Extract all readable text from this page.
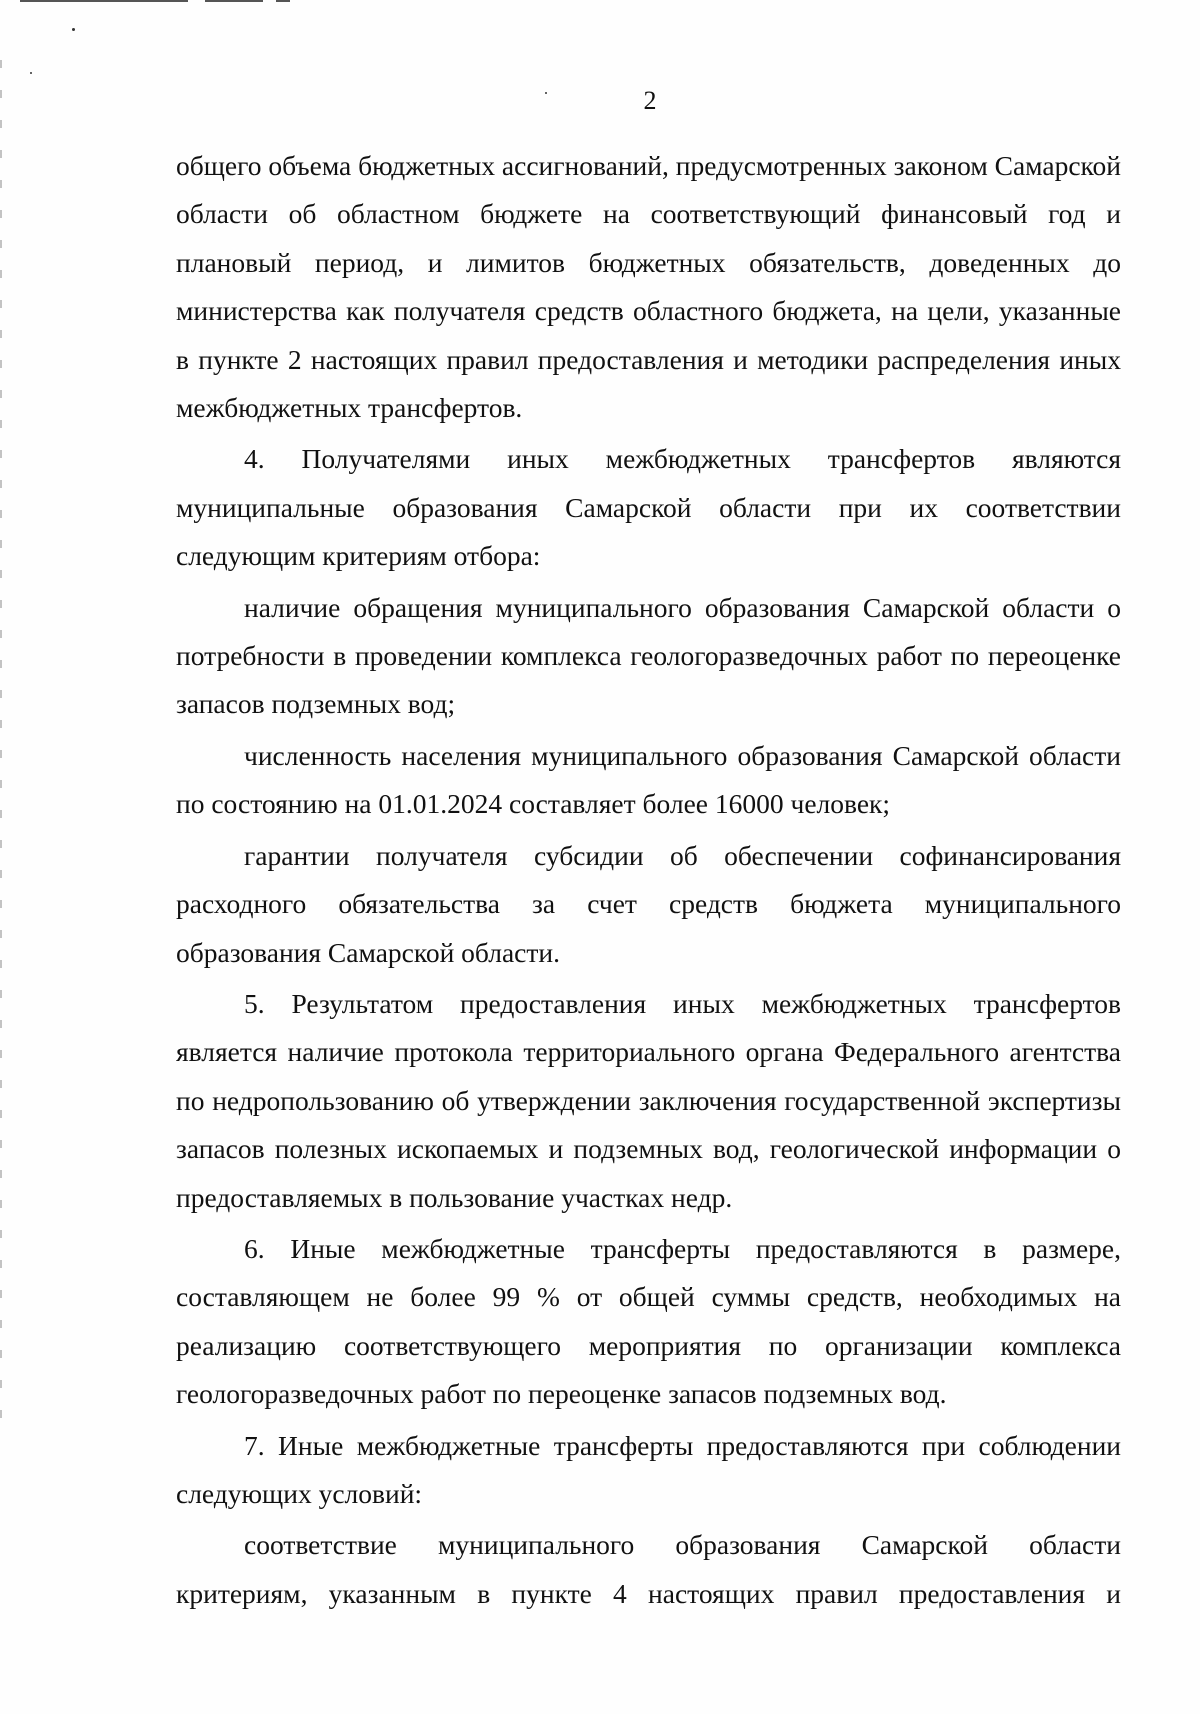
2

общего объема бюджетных ассигнований, предусмотренных законом Самарской области об областном бюджете на соответствующий финансовый год и плановый период, и лимитов бюджетных обязательств, доведенных до министерства как получателя средств областного бюджета, на цели, указанные в пункте 2 настоящих правил предоставления и методики распределения иных межбюджетных трансфертов.

4. Получателями иных межбюджетных трансфертов являются муниципальные образования Самарской области при их соответствии следующим критериям отбора:

наличие обращения муниципального образования Самарской области о потребности в проведении комплекса геологоразведочных работ по переоценке запасов подземных вод;

численность населения муниципального образования Самарской области по состоянию на 01.01.2024 составляет более 16000 человек;

гарантии получателя субсидии об обеспечении софинансирования расходного обязательства за счет средств бюджета муниципального образования Самарской области.

5. Результатом предоставления иных межбюджетных трансфертов является наличие протокола территориального органа Федерального агентства по недропользованию об утверждении заключения государственной экспертизы запасов полезных ископаемых и подземных вод, геологической информации о предоставляемых в пользование участках недр.

6. Иные межбюджетные трансферты предоставляются в размере, составляющем не более 99 % от общей суммы средств, необходимых на реализацию соответствующего мероприятия по организации комплекса геологоразведочных работ по переоценке запасов подземных вод.

7. Иные межбюджетные трансферты предоставляются при соблюдении следующих условий:

соответствие муниципального образования Самарской области критериям, указанным в пункте 4 настоящих правил предоставления и
